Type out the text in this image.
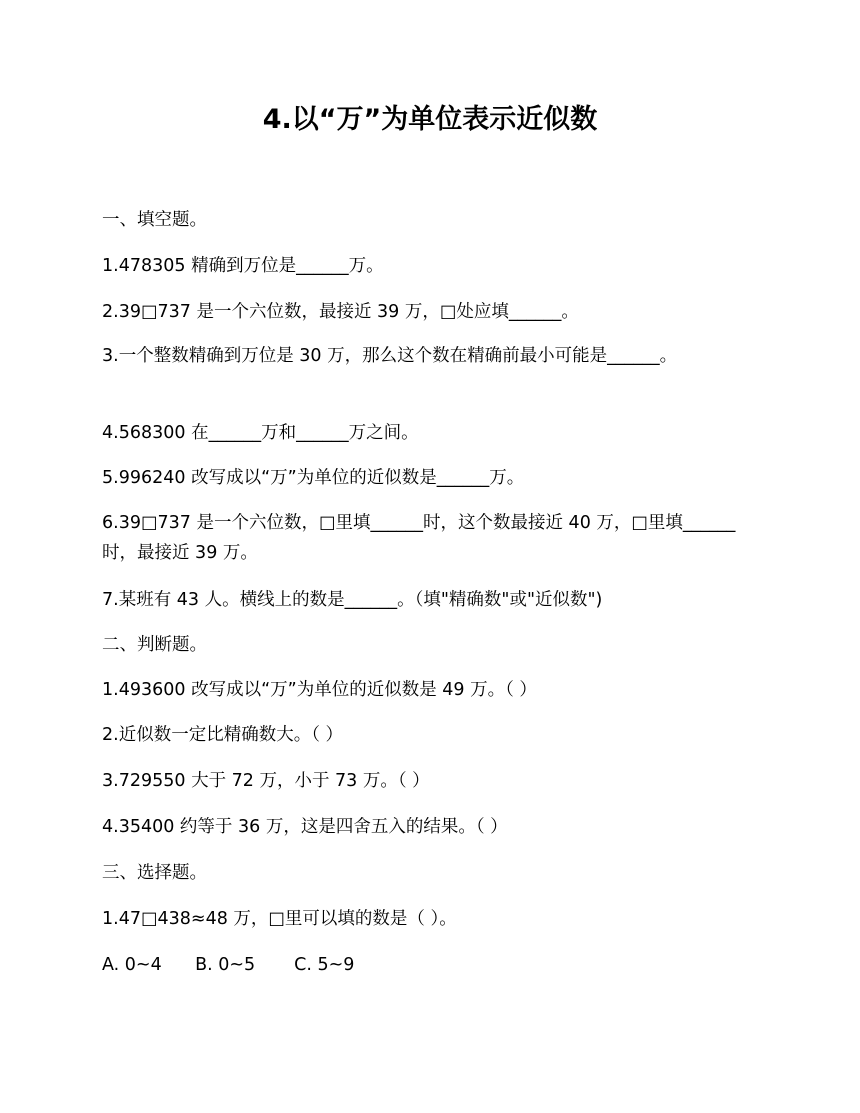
4.以“万”为单位表示近似数

一、填空题。

1.478305 精确到万位是______万。

2.39□737 是一个六位数，最接近 39 万，□处应填______。

3.一个整数精确到万位是 30 万，那么这个数在精确前最小可能是______。

4.568300 在______万和______万之间。

5.996240 改写成以“万”为单位的近似数是______万。

6.39□737 是一个六位数，□里填______时，这个数最接近 40 万，□里填______时，最接近 39 万。

7.某班有 43 人。横线上的数是______。（填"精确数"或"近似数")

二、判断题。

1.493600 改写成以“万”为单位的近似数是 49 万。（ ）

2.近似数一定比精确数大。（ ）

3.729550 大于 72 万，小于 73 万。（ ）

4.35400 约等于 36 万，这是四舍五入的结果。（ ）

三、选择题。

1.47□438≈48 万，□里可以填的数是（ ）。

A. 0~4      B. 0~5       C. 5~9
